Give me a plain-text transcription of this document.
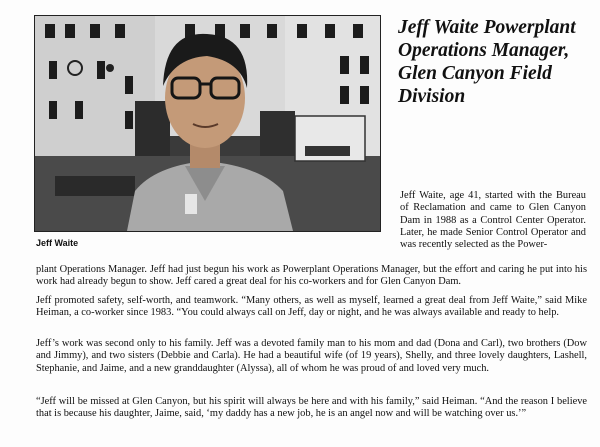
Jeff Waite
Jeff Waite Powerplant Operations Manager, Glen Canyon Field Division

Jeff Waite, age 41, started with the Bureau of Reclamation and came to Glen Canyon Dam in 1988 as a Control Center Operator. Later, he made Senior Control Operator and was recently selected as the Power-

plant Operations Manager. Jeff had just begun his work as Powerplant Operations Manager, but the effort and caring he put into his work had already begun to show. Jeff cared a great deal for his co-workers and for Glen Canyon Dam.

Jeff promoted safety, self-worth, and teamwork. “Many others, as well as myself, learned a great deal from Jeff Waite,” said Mike Heiman, a co-worker since 1983. “You could always call on Jeff, day or night, and he was always available and ready to help.

Jeff’s work was second only to his family. Jeff was a devoted family man to his mom and dad (Dona and Carl), two brothers (Dow and Jimmy), and two sisters (Debbie and Carla). He had a beautiful wife (of 19 years), Shelly, and three lovely daughters, Lashell, Stephanie, and Jaime, and a new granddaughter (Alyssa), all of whom he was proud of and loved very much.

“Jeff will be missed at Glen Canyon, but his spirit will always be here and with his family,” said Heiman. “And the reason I believe that is because his daughter, Jaime, said, ‘my daddy has a new job, he is an angel now and will be watching over us.’”
